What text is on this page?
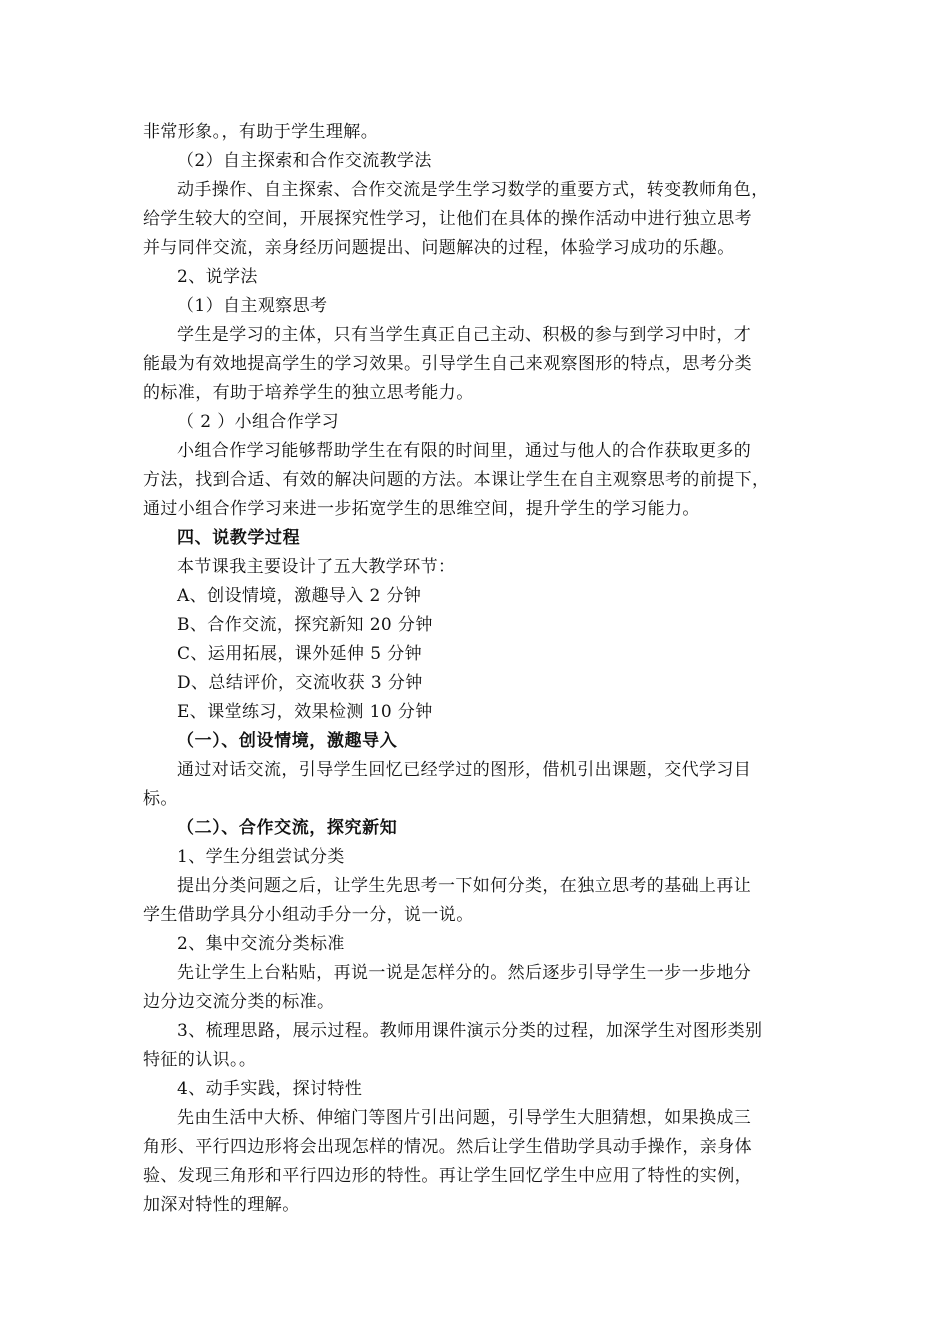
非常形象。，有助于学生理解。
（2）自主探索和合作交流教学法
动手操作、自主探索、合作交流是学生学习数学的重要方式，转变教师角色，
给学生较大的空间，开展探究性学习，让他们在具体的操作活动中进行独立思考
并与同伴交流，亲身经历问题提出、问题解决的过程，体验学习成功的乐趣。
2、说学法
（1）自主观察思考
学生是学习的主体，只有当学生真正自己主动、积极的参与到学习中时，才
能最为有效地提高学生的学习效果。引导学生自己来观察图形的特点，思考分类
的标准，有助于培养学生的独立思考能力。
（ 2 ）小组合作学习
小组合作学习能够帮助学生在有限的时间里，通过与他人的合作获取更多的
方法，找到合适、有效的解决问题的方法。本课让学生在自主观察思考的前提下，
通过小组合作学习来进一步拓宽学生的思维空间，提升学生的学习能力。
四、说教学过程
本节课我主要设计了五大教学环节：
A、创设情境，激趣导入 2 分钟
B、合作交流，探究新知 20 分钟
C、运用拓展，课外延伸 5 分钟
D、总结评价，交流收获 3 分钟
E、课堂练习，效果检测 10 分钟
（一）、创设情境，激趣导入
通过对话交流，引导学生回忆已经学过的图形，借机引出课题，交代学习目
标。
（二）、合作交流，探究新知
1、学生分组尝试分类
提出分类问题之后，让学生先思考一下如何分类，在独立思考的基础上再让
学生借助学具分小组动手分一分，说一说。
2、集中交流分类标准
先让学生上台粘贴，再说一说是怎样分的。然后逐步引导学生一步一步地分
边分边交流分类的标准。
3、梳理思路，展示过程。教师用课件演示分类的过程，加深学生对图形类别
特征的认识。。
4、动手实践，探讨特性
先由生活中大桥、伸缩门等图片引出问题，引导学生大胆猜想，如果换成三
角形、平行四边形将会出现怎样的情况。然后让学生借助学具动手操作，亲身体
验、发现三角形和平行四边形的特性。再让学生回忆学生中应用了特性的实例，
加深对特性的理解。
